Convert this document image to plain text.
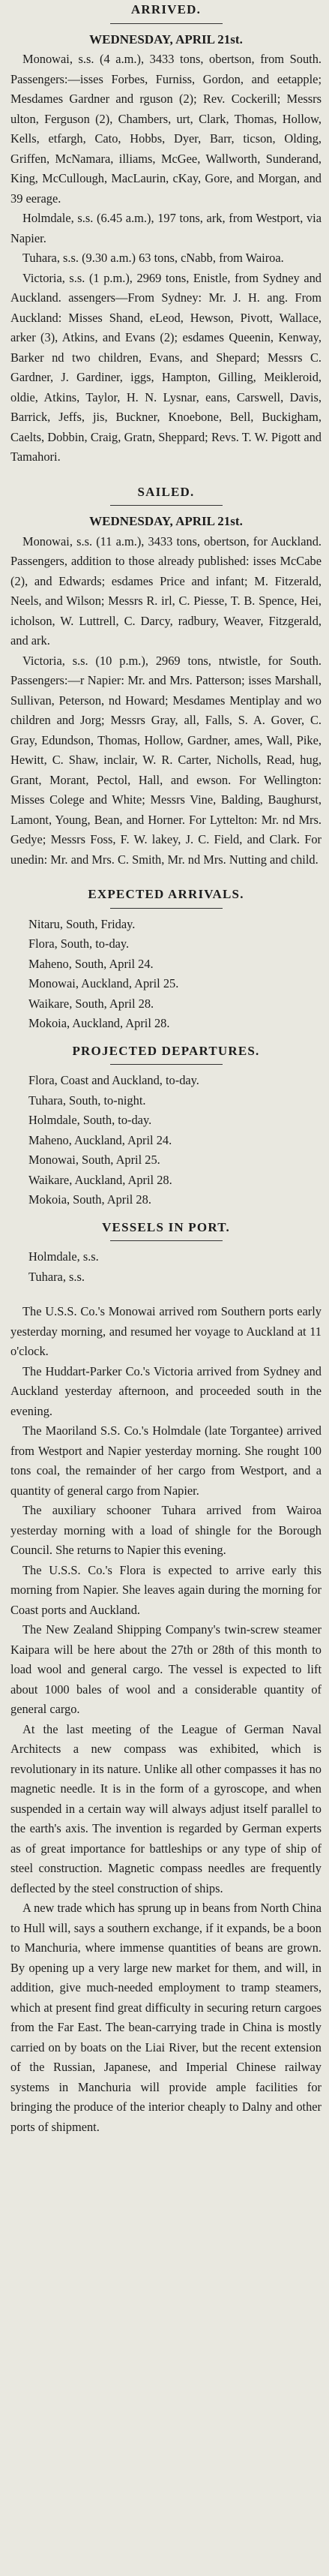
ARRIVED.
WEDNESDAY, APRIL 21st.

Monowai, s.s. (4 a.m.), 3433 tons, obertson, from South. Passengers:—isses Forbes, Furniss, Gordon, and eetapple; Mesdames Gardner and rguson (2); Rev. Cockerill; Messrs ulton, Ferguson (2), Chambers, urt, Clark, Thomas, Hollow, Kells, etfargh, Cato, Hobbs, Dyer, Barr, ticson, Olding, Griffen, McNamara, illiams, McGee, Wallworth, Sunderand, King, McCullough, MacLaurin, cKay, Gore, and Morgan, and 39 eerage.

Holmdale, s.s. (6.45 a.m.), 197 tons, ark, from Westport, via Napier.

Tuhara, s.s. (9.30 a.m.) 63 tons, cNabb, from Wairoa.

Victoria, s.s. (1 p.m.), 2969 tons, Enistle, from Sydney and Auckland. assengers—From Sydney: Mr. J. H. ang. From Auckland: Misses Shand, eLeod, Hewson, Pivott, Wallace, arker (3), Atkins, and Evans (2); esdames Queenin, Kenway, Barker nd two children, Evans, and Shepard; Messrs C. Gardner, J. Gardiner, iggs, Hampton, Gilling, Meikleroid, oldie, Atkins, Taylor, H. N. Lysnar, eans, Carswell, Davis, Barrick, Jeffs, jis, Buckner, Knoebone, Bell, Buckigham, Caelts, Dobbin, Craig, Gratn, Sheppard; Revs. T. W. Pigott and Tamahori.

SAILED.
WEDNESDAY, APRIL 21st.

Monowai, s.s. (11 a.m.), 3433 tons, obertson, for Auckland. Passengers, addition to those already published: isses McCabe (2), and Edwards; esdames Price and infant; M. Fitzerald, Neels, and Wilson; Messrs R. irl, C. Piesse, T. B. Spence, Hei, icholson, W. Luttrell, C. Darcy, radbury, Weaver, Fitzgerald, and ark.

Victoria, s.s. (10 p.m.), 2969 tons, ntwistle, for South. Passengers:—r Napier: Mr. and Mrs. Patterson; isses Marshall, Sullivan, Peterson, nd Howard; Mesdames Mentiplay and wo children and Jorg; Messrs Gray, all, Falls, S. A. Gover, C. Gray, Edundson, Thomas, Hollow, Gardner, ames, Wall, Pike, Hewitt, C. Shaw, inclair, W. R. Carter, Nicholls, Read, hug, Grant, Morant, Pectol, Hall, and ewson. For Wellington: Misses Colege and White; Messrs Vine, Balding, Baughurst, Lamont, Young, Bean, and Horner. For Lyttelton: Mr. nd Mrs. Gedye; Messrs Foss, F. W. lakey, J. C. Field, and Clark. For unedin: Mr. and Mrs. C. Smith, Mr. nd Mrs. Nutting and child.

EXPECTED ARRIVALS.

Nitaru, South, Friday.

Flora, South, to-day.

Maheno, South, April 24.

Monowai, Auckland, April 25.

Waikare, South, April 28.

Mokoia, Auckland, April 28.

PROJECTED DEPARTURES.

Flora, Coast and Auckland, to-day.

Tuhara, South, to-night.

Holmdale, South, to-day.

Maheno, Auckland, April 24.

Monowai, South, April 25.

Waikare, Auckland, April 28.

Mokoia, South, April 28.

VESSELS IN PORT.

Holmdale, s.s.

Tuhara, s.s.

The U.S.S. Co.'s Monowai arrived rom Southern ports early yesterday morning, and resumed her voyage to Auckland at 11 o'clock.

The Huddart-Parker Co.'s Victoria arrived from Sydney and Auckland yesterday afternoon, and proceeded south in the evening.

The Maoriland S.S. Co.'s Holmdale (late Torgantee) arrived from Westport and Napier yesterday morning. She rought 100 tons coal, the remainder of her cargo from Westport, and a quantity of general cargo from Napier.

The auxiliary schooner Tuhara arrived from Wairoa yesterday morning with a load of shingle for the Borough Council. She returns to Napier this evening.

The U.S.S. Co.'s Flora is expected to arrive early this morning from Napier. She leaves again during the morning for Coast ports and Auckland.

The New Zealand Shipping Company's twin-screw steamer Kaipara will be here about the 27th or 28th of this month to load wool and general cargo. The vessel is expected to lift about 1000 bales of wool and a considerable quantity of general cargo.

At the last meeting of the League of German Naval Architects a new compass was exhibited, which is revolutionary in its nature. Unlike all other compasses it has no magnetic needle. It is in the form of a gyroscope, and when suspended in a certain way will always adjust itself parallel to the earth's axis. The invention is regarded by German experts as of great importance for battleships or any type of ship of steel construction. Magnetic compass needles are frequently deflected by the steel construction of ships.

A new trade which has sprung up in beans from North China to Hull will, says a southern exchange, if it expands, be a boon to Manchuria, where immense quantities of beans are grown. By opening up a very large new market for them, and will, in addition, give much-needed employment to tramp steamers, which at present find great difficulty in securing return cargoes from the Far East. The bean-carrying trade in China is mostly carried on by boats on the Liai River, but the recent extension of the Russian, Japanese, and Imperial Chinese railway systems in Manchuria will provide ample facilities for bringing the produce of the interior cheaply to Dalny and other ports of shipment.
